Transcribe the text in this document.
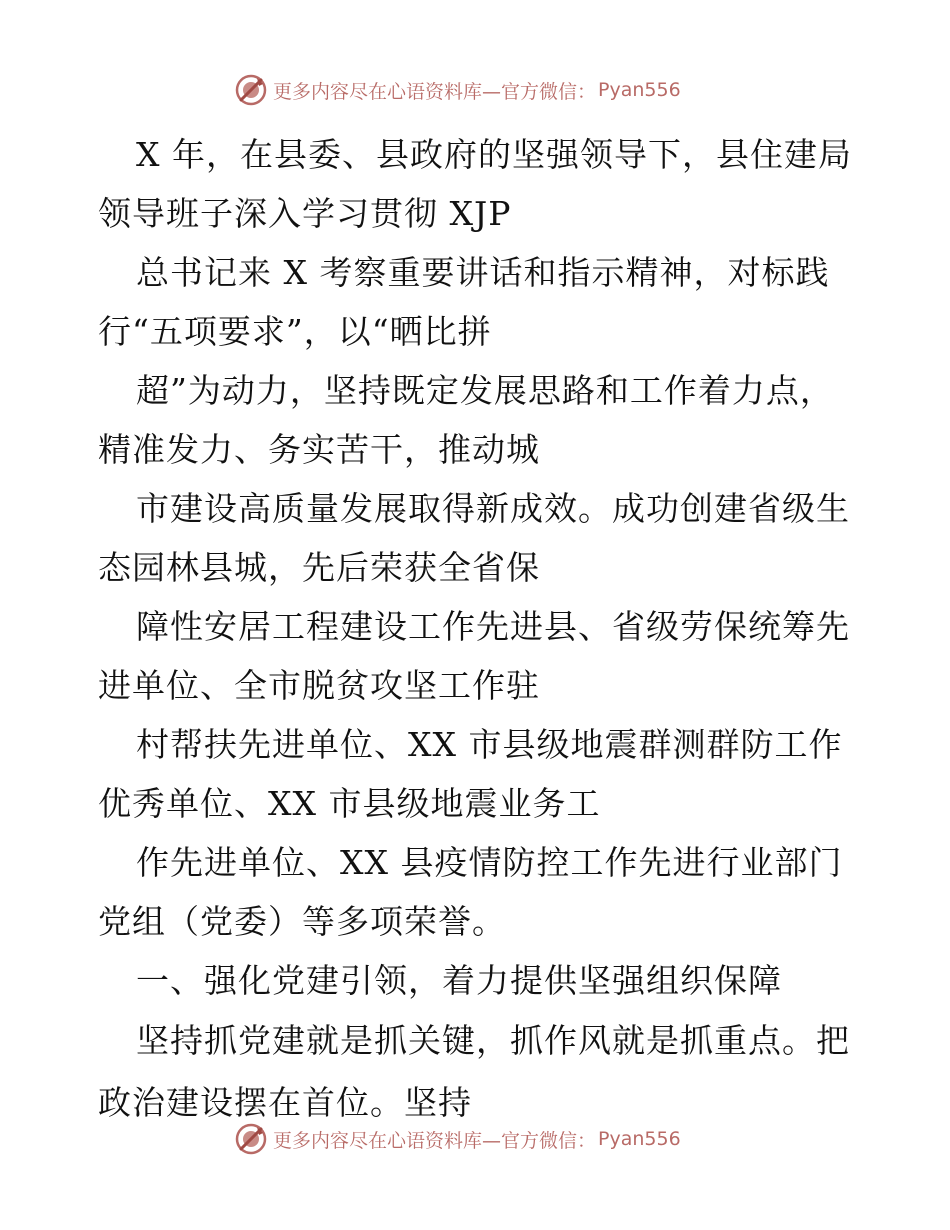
更多内容尽在心语资料库—官方微信： Pyan556
X 年，在县委、县政府的坚强领导下，县住建局
领导班子深入学习贯彻 XJP
总书记来 X 考察重要讲话和指示精神，对标践
行“五项要求”，以“晒比拼
超”为动力，坚持既定发展思路和工作着力点，
精准发力、务实苦干，推动城
市建设高质量发展取得新成效。成功创建省级生
态园林县城，先后荣获全省保
障性安居工程建设工作先进县、省级劳保统筹先
进单位、全市脱贫攻坚工作驻
村帮扶先进单位、XX 市县级地震群测群防工作
优秀单位、XX 市县级地震业务工
作先进单位、XX 县疫情防控工作先进行业部门
党组（党委）等多项荣誉。
一、强化党建引领，着力提供坚强组织保障
坚持抓党建就是抓关键，抓作风就是抓重点。把
政治建设摆在首位。坚持
更多内容尽在心语资料库—官方微信： Pyan556
